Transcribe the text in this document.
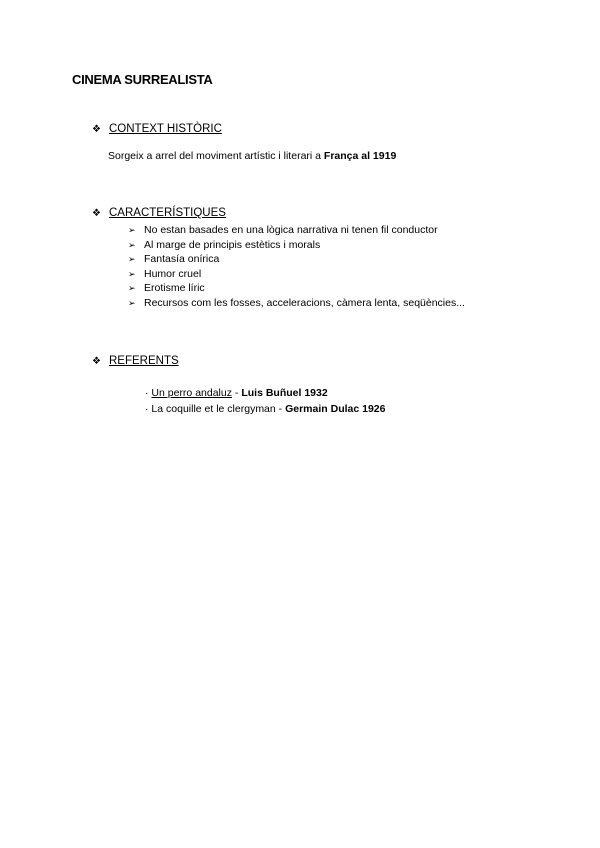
CINEMA SURREALISTA
❖ CONTEXT HISTÒRIC
Sorgeix a arrel del moviment artístic i literari a França al 1919
❖ CARACTERÍSTIQUES
➢ No estan basades en una lògica narrativa ni tenen fil conductor
➢ Al marge de principis estètics i morals
➢ Fantasía onírica
➢ Humor cruel
➢ Erotisme líric
➢ Recursos com les fosses, acceleracions, càmera lenta, seqüències...
❖ REFERENTS
· Un perro andaluz - Luis Buñuel 1932
· La coquille et le clergyman - Germain Dulac 1926
